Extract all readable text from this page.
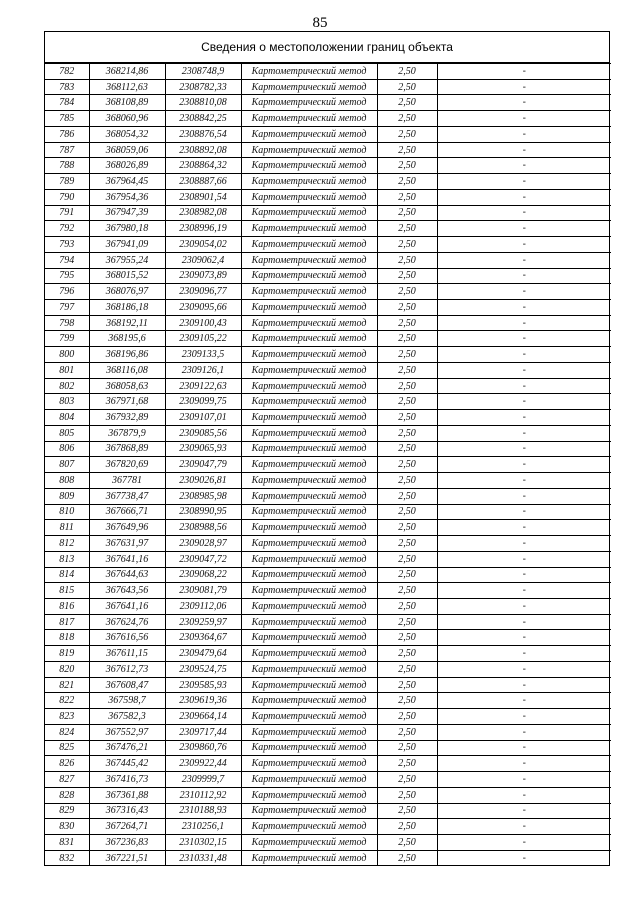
85
Сведения о местоположении границ объекта
782	368214,86	2308748,9	Картометрический метод	2,50	-
783	368112,63	2308782,33	Картометрический метод	2,50	-
784	368108,89	2308810,08	Картометрический метод	2,50	-
785	368060,96	2308842,25	Картометрический метод	2,50	-
786	368054,32	2308876,54	Картометрический метод	2,50	-
787	368059,06	2308892,08	Картометрический метод	2,50	-
788	368026,89	2308864,32	Картометрический метод	2,50	-
789	367964,45	2308887,66	Картометрический метод	2,50	-
790	367954,36	2308901,54	Картометрический метод	2,50	-
791	367947,39	2308982,08	Картометрический метод	2,50	-
792	367980,18	2308996,19	Картометрический метод	2,50	-
793	367941,09	2309054,02	Картометрический метод	2,50	-
794	367955,24	2309062,4	Картометрический метод	2,50	-
795	368015,52	2309073,89	Картометрический метод	2,50	-
796	368076,97	2309096,77	Картометрический метод	2,50	-
797	368186,18	2309095,66	Картометрический метод	2,50	-
798	368192,11	2309100,43	Картометрический метод	2,50	-
799	368195,6	2309105,22	Картометрический метод	2,50	-
800	368196,86	2309133,5	Картометрический метод	2,50	-
801	368116,08	2309126,1	Картометрический метод	2,50	-
802	368058,63	2309122,63	Картометрический метод	2,50	-
803	367971,68	2309099,75	Картометрический метод	2,50	-
804	367932,89	2309107,01	Картометрический метод	2,50	-
805	367879,9	2309085,56	Картометрический метод	2,50	-
806	367868,89	2309065,93	Картометрический метод	2,50	-
807	367820,69	2309047,79	Картометрический метод	2,50	-
808	367781	2309026,81	Картометрический метод	2,50	-
809	367738,47	2308985,98	Картометрический метод	2,50	-
810	367666,71	2308990,95	Картометрический метод	2,50	-
811	367649,96	2308988,56	Картометрический метод	2,50	-
812	367631,97	2309028,97	Картометрический метод	2,50	-
813	367641,16	2309047,72	Картометрический метод	2,50	-
814	367644,63	2309068,22	Картометрический метод	2,50	-
815	367643,56	2309081,79	Картометрический метод	2,50	-
816	367641,16	2309112,06	Картометрический метод	2,50	-
817	367624,76	2309259,97	Картометрический метод	2,50	-
818	367616,56	2309364,67	Картометрический метод	2,50	-
819	367611,15	2309479,64	Картометрический метод	2,50	-
820	367612,73	2309524,75	Картометрический метод	2,50	-
821	367608,47	2309585,93	Картометрический метод	2,50	-
822	367598,7	2309619,36	Картометрический метод	2,50	-
823	367582,3	2309664,14	Картометрический метод	2,50	-
824	367552,97	2309717,44	Картометрический метод	2,50	-
825	367476,21	2309860,76	Картометрический метод	2,50	-
826	367445,42	2309922,44	Картометрический метод	2,50	-
827	367416,73	2309999,7	Картометрический метод	2,50	-
828	367361,88	2310112,92	Картометрический метод	2,50	-
829	367316,43	2310188,93	Картометрический метод	2,50	-
830	367264,71	2310256,1	Картометрический метод	2,50	-
831	367236,83	2310302,15	Картометрический метод	2,50	-
832	367221,51	2310331,48	Картометрический метод	2,50	-
